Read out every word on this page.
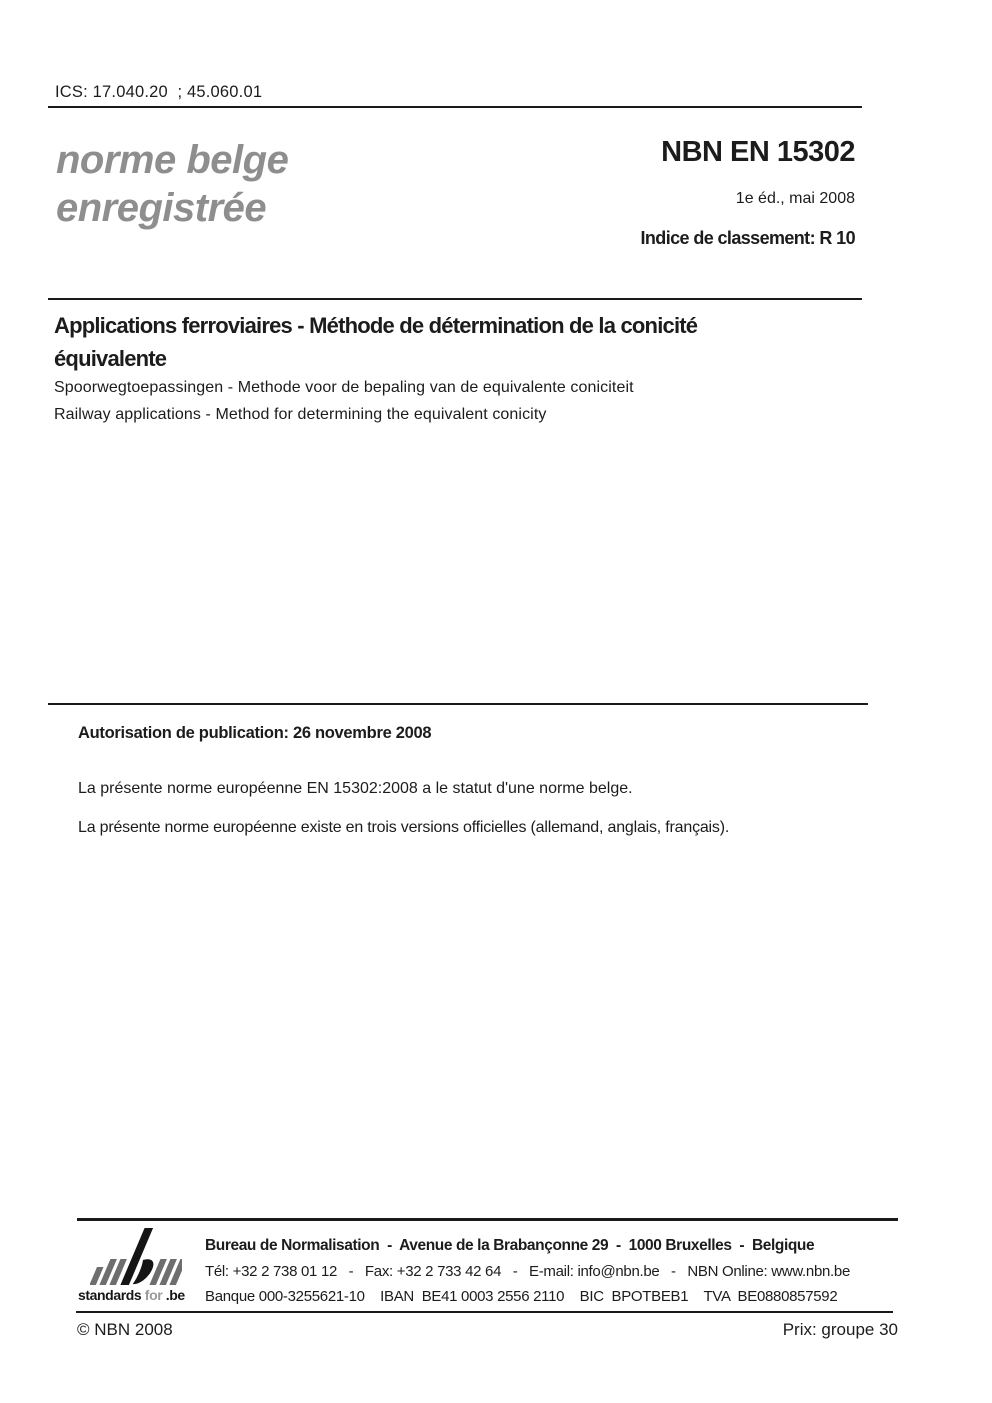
ICS: 17.040.20  ; 45.060.01
norme belge
enregistrée
NBN EN 15302
1e éd., mai 2008
Indice de classement: R 10
Applications ferroviaires - Méthode de détermination de la conicité
équivalente
Spoorwegtoepassingen - Methode voor de bepaling van de equivalente coniciteit
Railway applications - Method for determining the equivalent conicity
Autorisation de publication: 26 novembre 2008
La présente norme européenne EN 15302:2008 a le statut d'une norme belge.
La présente norme européenne existe en trois versions officielles (allemand, anglais, français).
standards for .be
Bureau de Normalisation  -  Avenue de la Brabançonne 29  -  1000 Bruxelles  -  Belgique
Tél: +32 2 738 01 12   -   Fax: +32 2 733 42 64   -   E-mail: info@nbn.be   -   NBN Online: www.nbn.be
Banque 000-3255621-10    IBAN  BE41 0003 2556 2110    BIC  BPOTBEB1    TVA  BE0880857592
© NBN 2008	Prix: groupe 30
